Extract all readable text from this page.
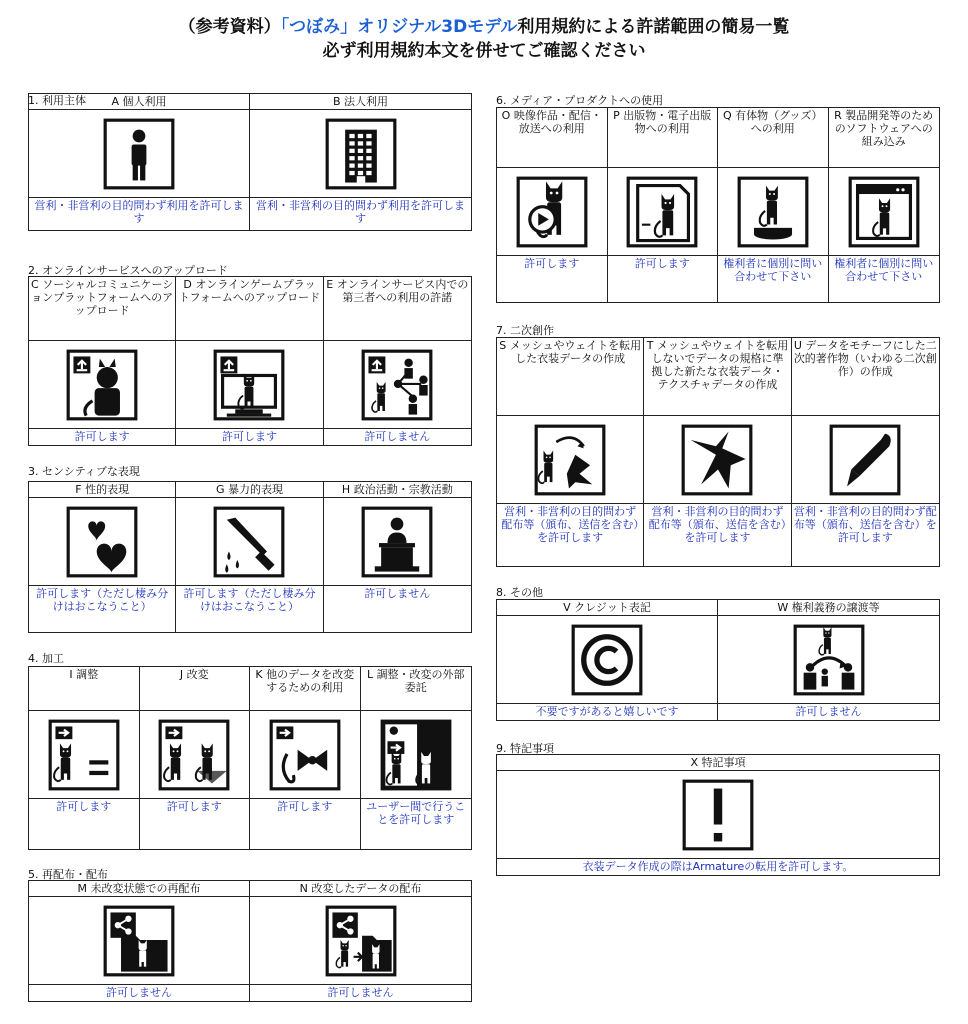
（参考資料）「つぼみ」オリジナル3Dモデル利用規約による許諾範囲の簡易一覧
必ず利用規約本文を併せてご確認ください
A 個人利用
営利・非営利の目的問わず利用を許可します
B 法人利用
営利・非営利の目的問わず利用を許可します
C ソーシャルコミュニケーションプラットフォームへのアップロード
許可します
D オンラインゲームプラットフォームへのアップロード
許可します
E オンラインサービス内での第三者への利用の許諾
許可しません
F 性的表現
許可します（ただし棲み分けはおこなうこと）
G 暴力的表現
許可します（ただし棲み分けはおこなうこと）
H 政治活動・宗教活動
許可しません
I 調整
許可します
J 改変
許可します
K 他のデータを改変するための利用
許可します
L 調整・改変の外部委託
ユーザー間で行うことを許可します
M 未改変状態での再配布
許可しません
N 改変したデータの配布
許可しません
O 映像作品・配信・放送への利用
許可します
P 出版物・電子出版物への利用
許可します
Q 有体物（グッズ）への利用
権利者に個別に問い合わせて下さい
R 製品開発等のためのソフトウェアへの組み込み
権利者に個別に問い合わせて下さい
S メッシュやウェイトを転用した衣装データの作成
営利・非営利の目的問わず配布等（頒布、送信を含む）を許可します
T メッシュやウェイトを転用しないでデータの規格に準拠した新たな衣装データ・テクスチャデータの作成
営利・非営利の目的問わず配布等（頒布、送信を含む）を許可します
U データをモチーフにした二次的著作物（いわゆる二次創作）の作成
営利・非営利の目的問わず配布等（頒布、送信を含む）を許可します
V クレジット表記
不要ですがあると嬉しいです
W 権利義務の譲渡等
許可しません
X 特記事項
衣装データ作成の際はArmatureの転用を許可します。
1. 利用主体
2. オンラインサービスへのアップロード
3. センシティブな表現
4. 加工
5. 再配布・配布
6. メディア・プロダクトへの使用
7. 二次創作
8. その他
9. 特記事項
